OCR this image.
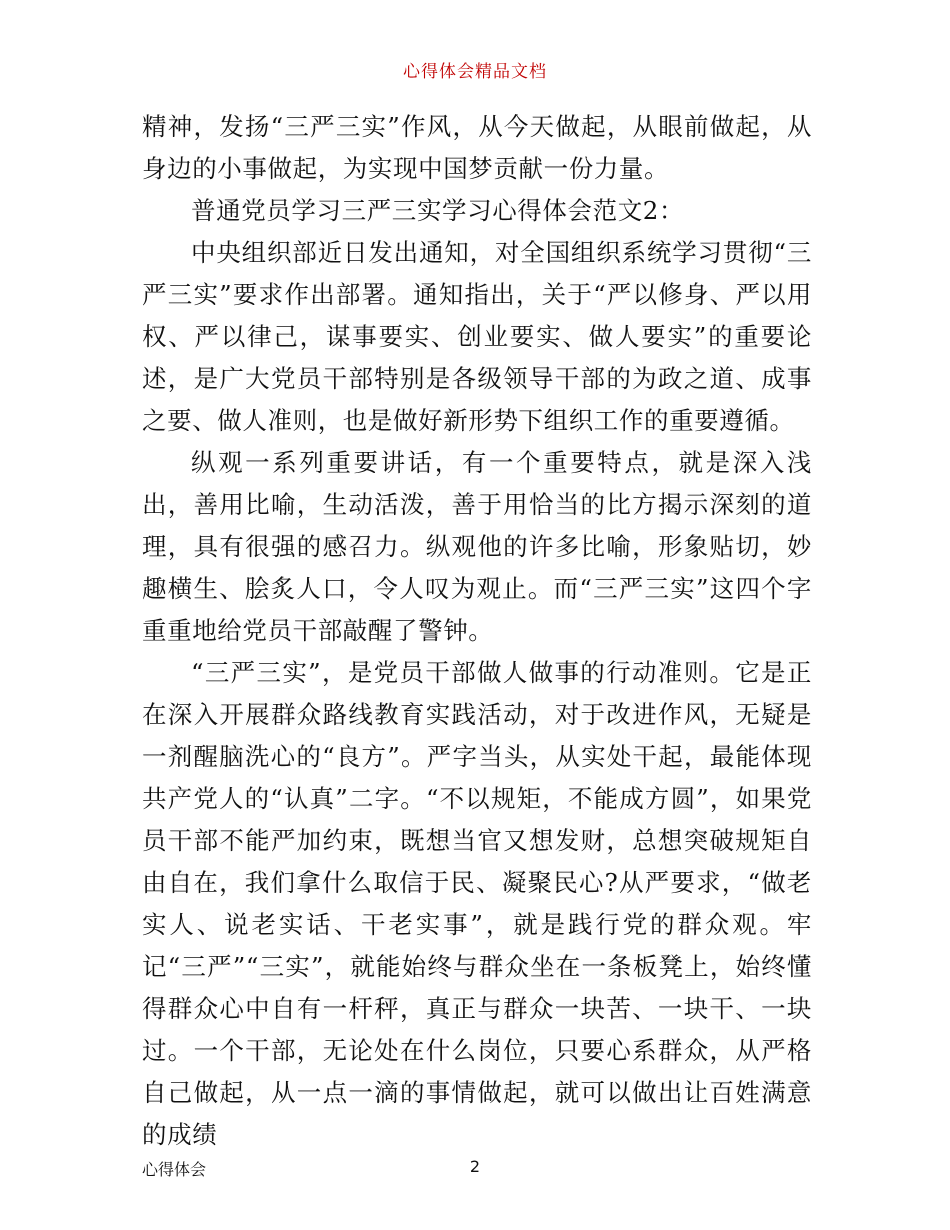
心得体会精品文档

精神，发扬“三严三实”作风，从今天做起，从眼前做起，从身边的小事做起，为实现中国梦贡献一份力量。

普通党员学习三严三实学习心得体会范文2：

中央组织部近日发出通知，对全国组织系统学习贯彻“三严三实”要求作出部署。通知指出，关于“严以修身、严以用权、严以律己，谋事要实、创业要实、做人要实”的重要论述，是广大党员干部特别是各级领导干部的为政之道、成事之要、做人准则，也是做好新形势下组织工作的重要遵循。

纵观一系列重要讲话，有一个重要特点，就是深入浅出，善用比喻，生动活泼，善于用恰当的比方揭示深刻的道理，具有很强的感召力。纵观他的许多比喻，形象贴切，妙趣横生、脍炙人口，令人叹为观止。而“三严三实”这四个字重重地给党员干部敲醒了警钟。

“三严三实”，是党员干部做人做事的行动准则。它是正在深入开展群众路线教育实践活动，对于改进作风，无疑是一剂醒脑洗心的“良方”。严字当头，从实处干起，最能体现共产党人的“认真”二字。“不以规矩，不能成方圆”，如果党员干部不能严加约束，既想当官又想发财，总想突破规矩自由自在，我们拿什么取信于民、凝聚民心?从严要求，“做老实人、说老实话、干老实事”，就是践行党的群众观。牢记“三严”“三实”，就能始终与群众坐在一条板凳上，始终懂得群众心中自有一杆秤，真正与群众一块苦、一块干、一块过。一个干部，无论处在什么岗位，只要心系群众，从严格自己做起，从一点一滴的事情做起，就可以做出让百姓满意的成绩

心得体会	2
